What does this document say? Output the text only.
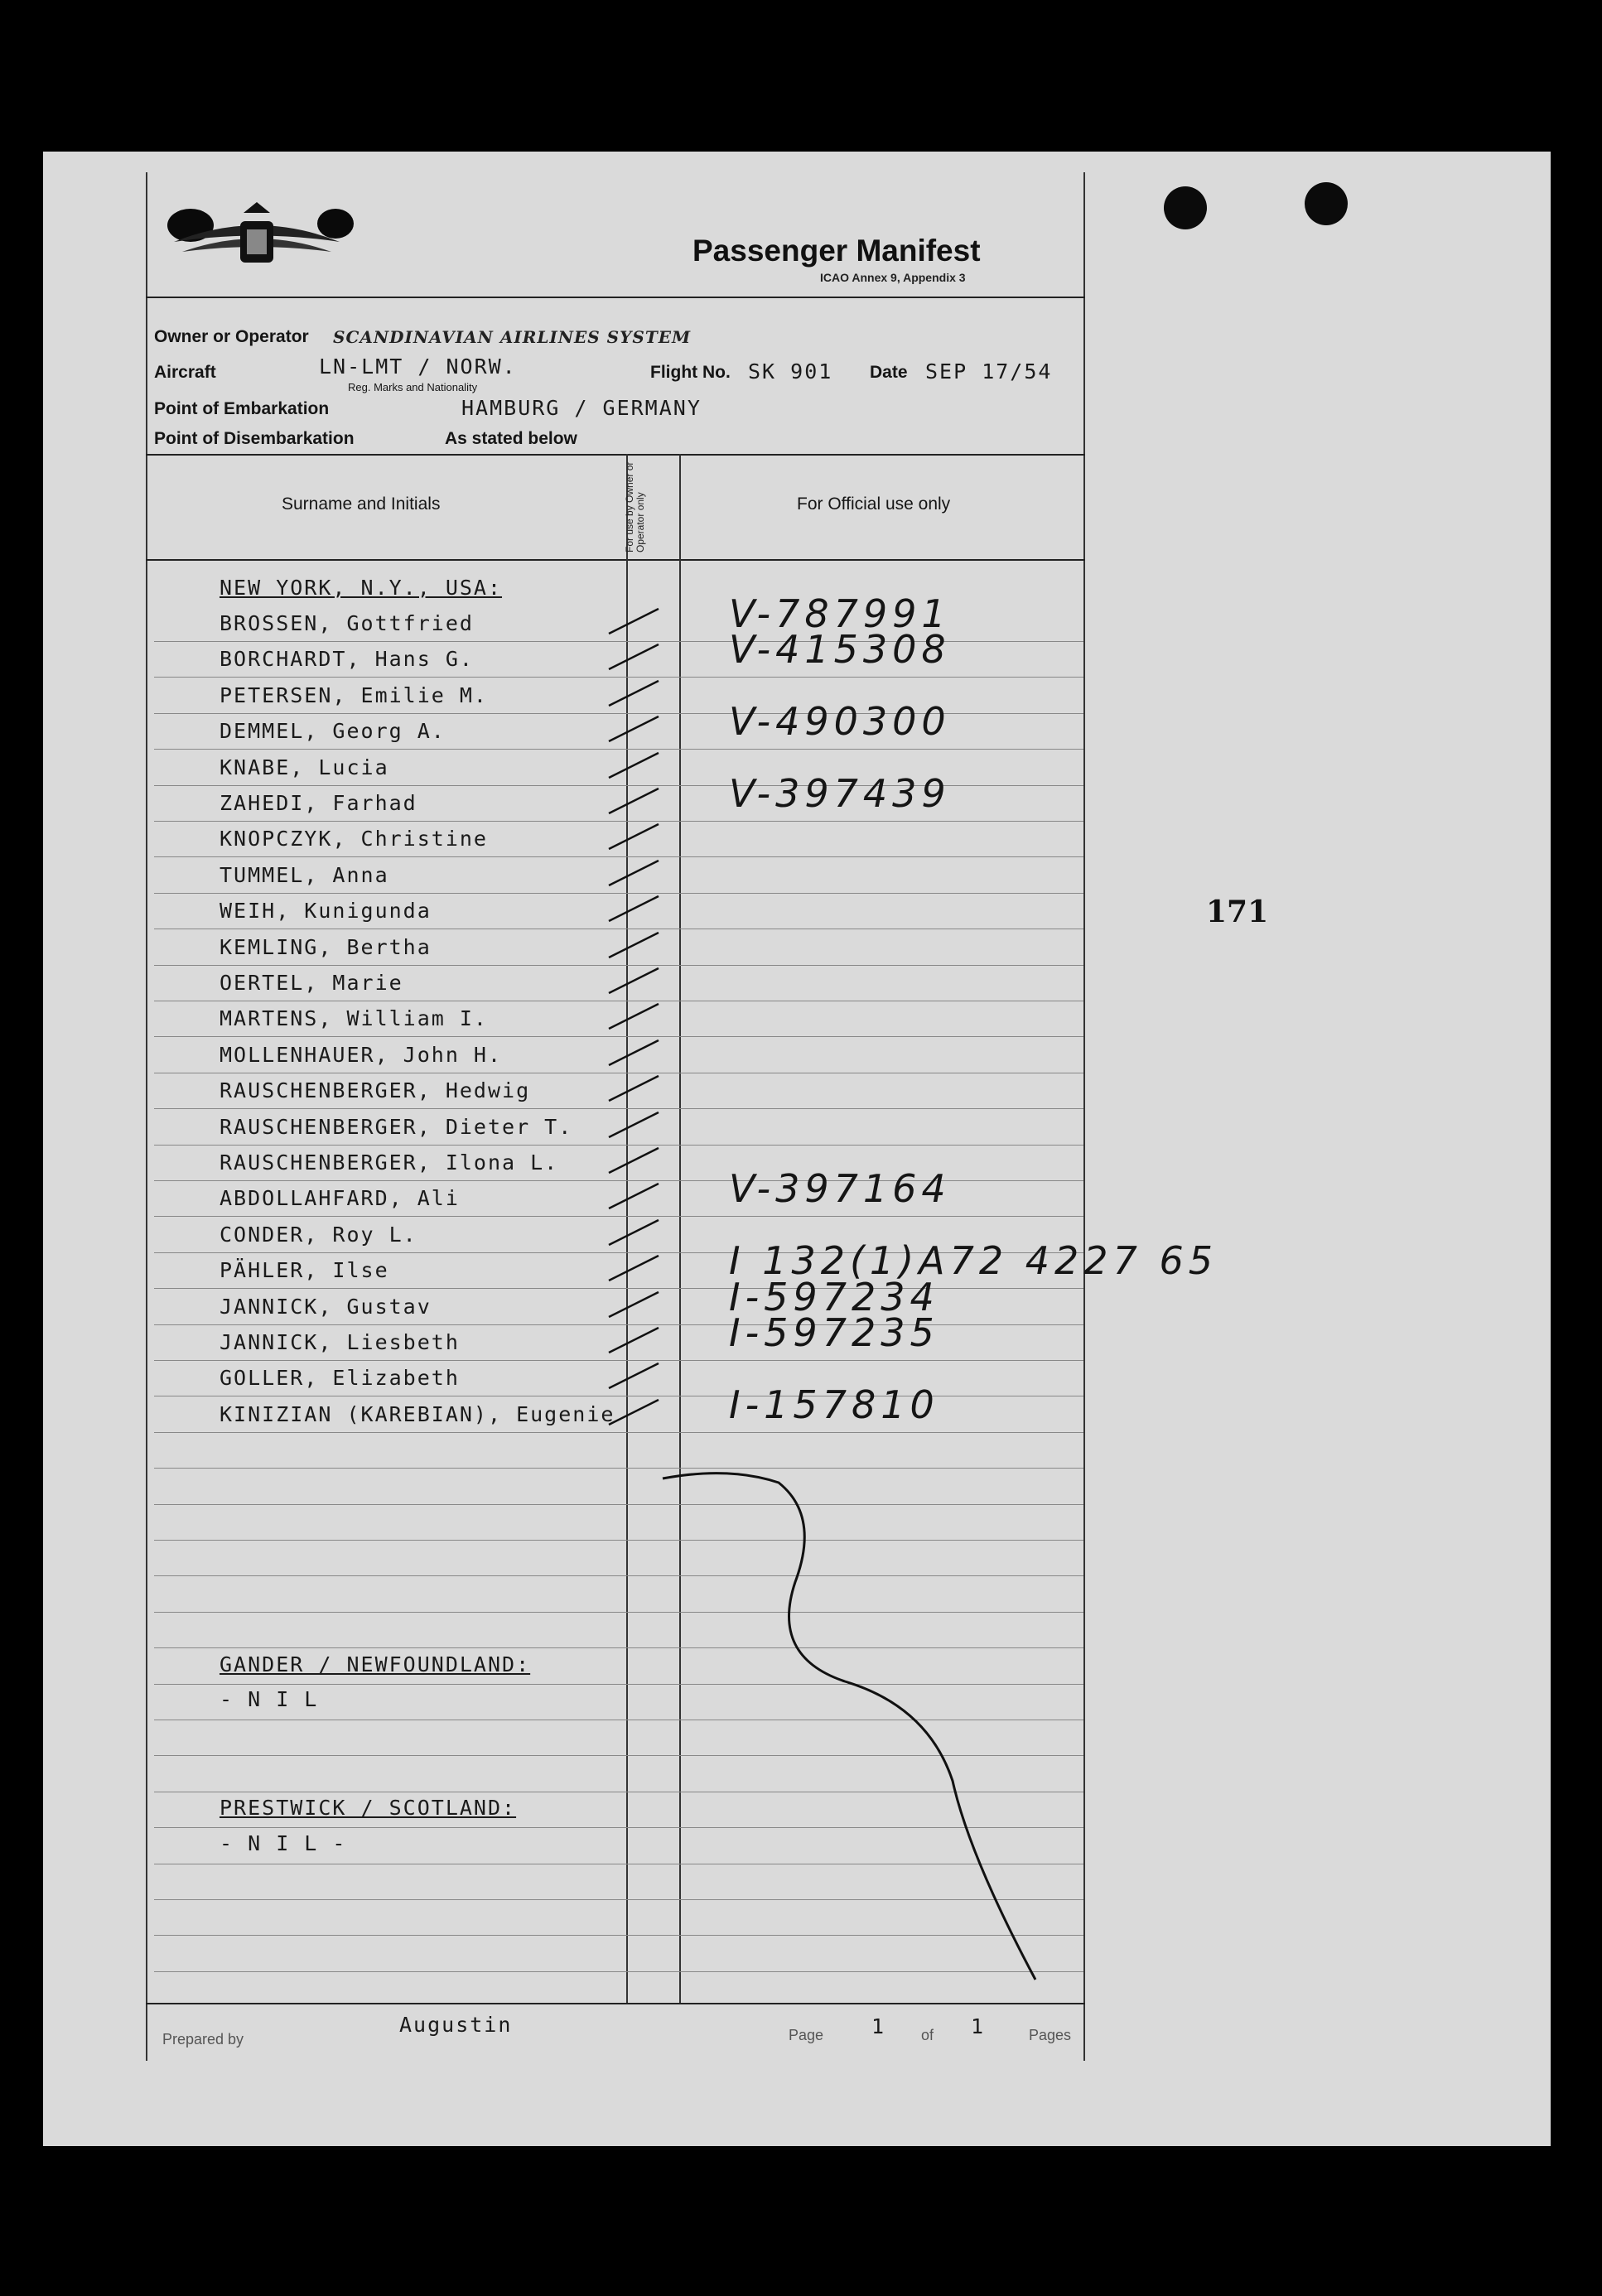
Passenger Manifest
ICAO Annex 9, Appendix 3
Owner or Operator SCANDINAVIAN AIRLINES SYSTEM
Aircraft	LN-LMT / NORW.
Reg. Marks and Nationality
Flight No. SK 901 Date SEP 17/54
Point of Embarkation	HAMBURG / GERMANY
Point of Disembarkation	As stated below
Surname and Initials	For use by Owner or Operator only	For Official use only
BROSSEN, Gottfried	V-787991
BORCHARDT, Hans G.	V-415308
PETERSEN, Emilie M.
DEMMEL, Georg A.	V-490300
KNABE, Lucia
ZAHEDI, Farhad	V-397439
KNOPCZYK, Christine
TUMMEL, Anna
WEIH, Kunigunda
KEMLING, Bertha
OERTEL, Marie
MARTENS, William I.
MOLLENHAUER, John H.
RAUSCHENBERGER, Hedwig
RAUSCHENBERGER, Dieter T.
RAUSCHENBERGER, Ilona L.
ABDOLLAHFARD, Ali	V-397164
CONDER, Roy L.
PÄHLER, Ilse	I 132(1)A72 4227 65
JANNICK, Gustav	I-597234
JANNICK, Liesbeth	I-597235
GOLLER, Elizabeth
KINIZIAN (KAREBIAN), Eugenie	I-157810
NEW YORK, N.Y., USA:
GANDER / NEWFOUNDLAND:
- N I L
PRESTWICK / SCOTLAND:
- N I L -
171
Prepared by
Augustin	Page 1 of 1	Pages
